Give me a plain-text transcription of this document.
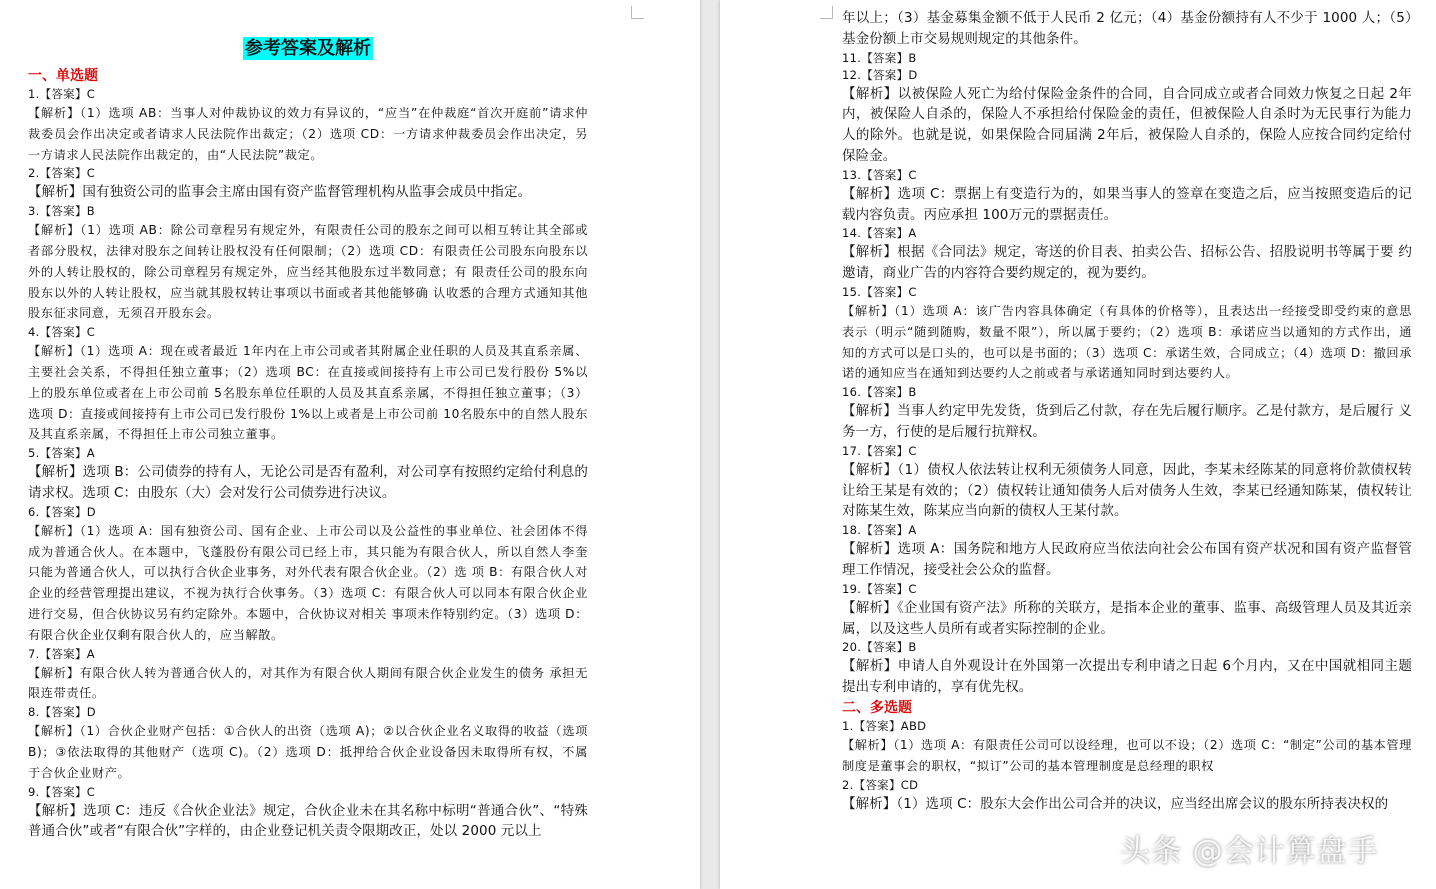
参考答案及解析

一、单选题

1.【答案】C

【解析】（1）选项 AB：当事人对仲裁协议的效力有异议的，“应当”在仲裁庭“首次开庭前”请求仲裁委员会作出决定或者请求人民法院作出裁定；（2）选项 CD：一方请求仲裁委员会作出决定，另一方请求人民法院作出裁定的，由“人民法院”裁定。

2.【答案】C

【解析】国有独资公司的监事会主席由国有资产监督管理机构从监事会成员中指定。

3.【答案】B

【解析】（1）选项 AB：除公司章程另有规定外，有限责任公司的股东之间可以相互转让其全部或者部分股权，法律对股东之间转让股权没有任何限制；（2）选项 CD：有限责任公司股东向股东以外的人转让股权的，除公司章程另有规定外，应当经其他股东过半数同意；有 限责任公司的股东向股东以外的人转让股权，应当就其股权转让事项以书面或者其他能够确 认收悉的合理方式通知其他股东征求同意，无须召开股东会。

4.【答案】C

【解析】（1）选项 A：现在或者最近 1年内在上市公司或者其附属企业任职的人员及其直系亲属、主要社会关系，不得担任独立董事；（2）选项 BC：在直接或间接持有上市公司已发行股份 5%以上的股东单位或者在上市公司前 5名股东单位任职的人员及其直系亲属，不得担任独立董事；（3）选项 D：直接或间接持有上市公司已发行股份 1%以上或者是上市公司前 10名股东中的自然人股东及其直系亲属，不得担任上市公司独立董事。

5.【答案】A

【解析】选项 B：公司债券的持有人，无论公司是否有盈利，对公司享有按照约定给付利息的请求权。选项 C：由股东（大）会对发行公司债券进行决议。

6.【答案】D

【解析】（1）选项 A：国有独资公司、国有企业、上市公司以及公益性的事业单位、社会团体不得成为普通合伙人。在本题中，飞蓬股份有限公司已经上市，其只能为有限合伙人，所以自然人李奎只能为普通合伙人，可以执行合伙企业事务，对外代表有限合伙企业。（2）选 项 B：有限合伙人对企业的经营管理提出建议，不视为执行合伙事务。（3）选项 C：有限合伙人可以同本有限合伙企业进行交易，但合伙协议另有约定除外。本题中，合伙协议对相关 事项未作特别约定。（3）选项 D：有限合伙企业仅剩有限合伙人的，应当解散。

7.【答案】A

【解析】有限合伙人转为普通合伙人的，对其作为有限合伙人期间有限合伙企业发生的债务 承担无限连带责任。

8.【答案】D

【解析】（1）合伙企业财产包括：①合伙人的出资（选项 A)；②以合伙企业名义取得的收益（选项 B)；③依法取得的其他财产（选项 C)。（2）选项 D：抵押给合伙企业设备因未取得所有权，不属于合伙企业财产。

9.【答案】C

【解析】选项 C：违反《合伙企业法》规定，合伙企业未在其名称中标明“普通合伙”、“特殊普通合伙”或者“有限合伙”字样的，由企业登记机关责令限期改正，处以 2000 元以上

年以上；（3）基金募集金额不低于人民币 2 亿元；（4）基金份额持有人不少于 1000 人；（5）基金份额上市交易规则规定的其他条件。

11.【答案】B

12.【答案】D

【解析】以被保险人死亡为给付保险金条件的合同，自合同成立或者合同效力恢复之日起 2年内，被保险人自杀的，保险人不承担给付保险金的责任，但被保险人自杀时为无民事行为能力人的除外。也就是说，如果保险合同届满 2年后，被保险人自杀的，保险人应按合同约定给付保险金。

13.【答案】C

【解析】选项 C：票据上有变造行为的，如果当事人的签章在变造之后，应当按照变造后的记载内容负责。丙应承担 100万元的票据责任。

14.【答案】A

【解析】根据《合同法》规定，寄送的价目表、拍卖公告、招标公告、招股说明书等属于要 约邀请，商业广告的内容符合要约规定的，视为要约。

15.【答案】C

【解析】（1）选项 A：该广告内容具体确定（有具体的价格等），且表达出一经接受即受约束的意思表示（明示“随到随购，数量不限”），所以属于要约；（2）选项 B：承诺应当以通知的方式作出，通知的方式可以是口头的，也可以是书面的；（3）选项 C：承诺生效，合同成立；（4）选项 D：撤回承诺的通知应当在通知到达要约人之前或者与承诺通知同时到达要约人。

16.【答案】B

【解析】当事人约定甲先发货，货到后乙付款，存在先后履行顺序。乙是付款方，是后履行 义务一方，行使的是后履行抗辩权。

17.【答案】C

【解析】（1）债权人依法转让权利无须债务人同意，因此，李某未经陈某的同意将价款债权转让给王某是有效的；（2）债权转让通知债务人后对债务人生效，李某已经通知陈某，债权转让对陈某生效，陈某应当向新的债权人王某付款。

18.【答案】A

【解析】选项 A：国务院和地方人民政府应当依法向社会公布国有资产状况和国有资产监督管理工作情况，接受社会公众的监督。

19.【答案】C

【解析】《企业国有资产法》所称的关联方，是指本企业的董事、监事、高级管理人员及其近亲属，以及这些人员所有或者实际控制的企业。

20.【答案】B

【解析】申请人自外观设计在外国第一次提出专利申请之日起 6个月内，又在中国就相同主题提出专利申请的，享有优先权。

二、多选题

1.【答案】ABD

【解析】（1）选项 A：有限责任公司可以设经理，也可以不设；（2）选项 C：“制定”公司的基本管理制度是董事会的职权，“拟订”公司的基本管理制度是总经理的职权

2.【答案】CD

【解析】（1）选项 C：股东大会作出公司合并的决议，应当经出席会议的股东所持表决权的

头条 @会计算盘手
